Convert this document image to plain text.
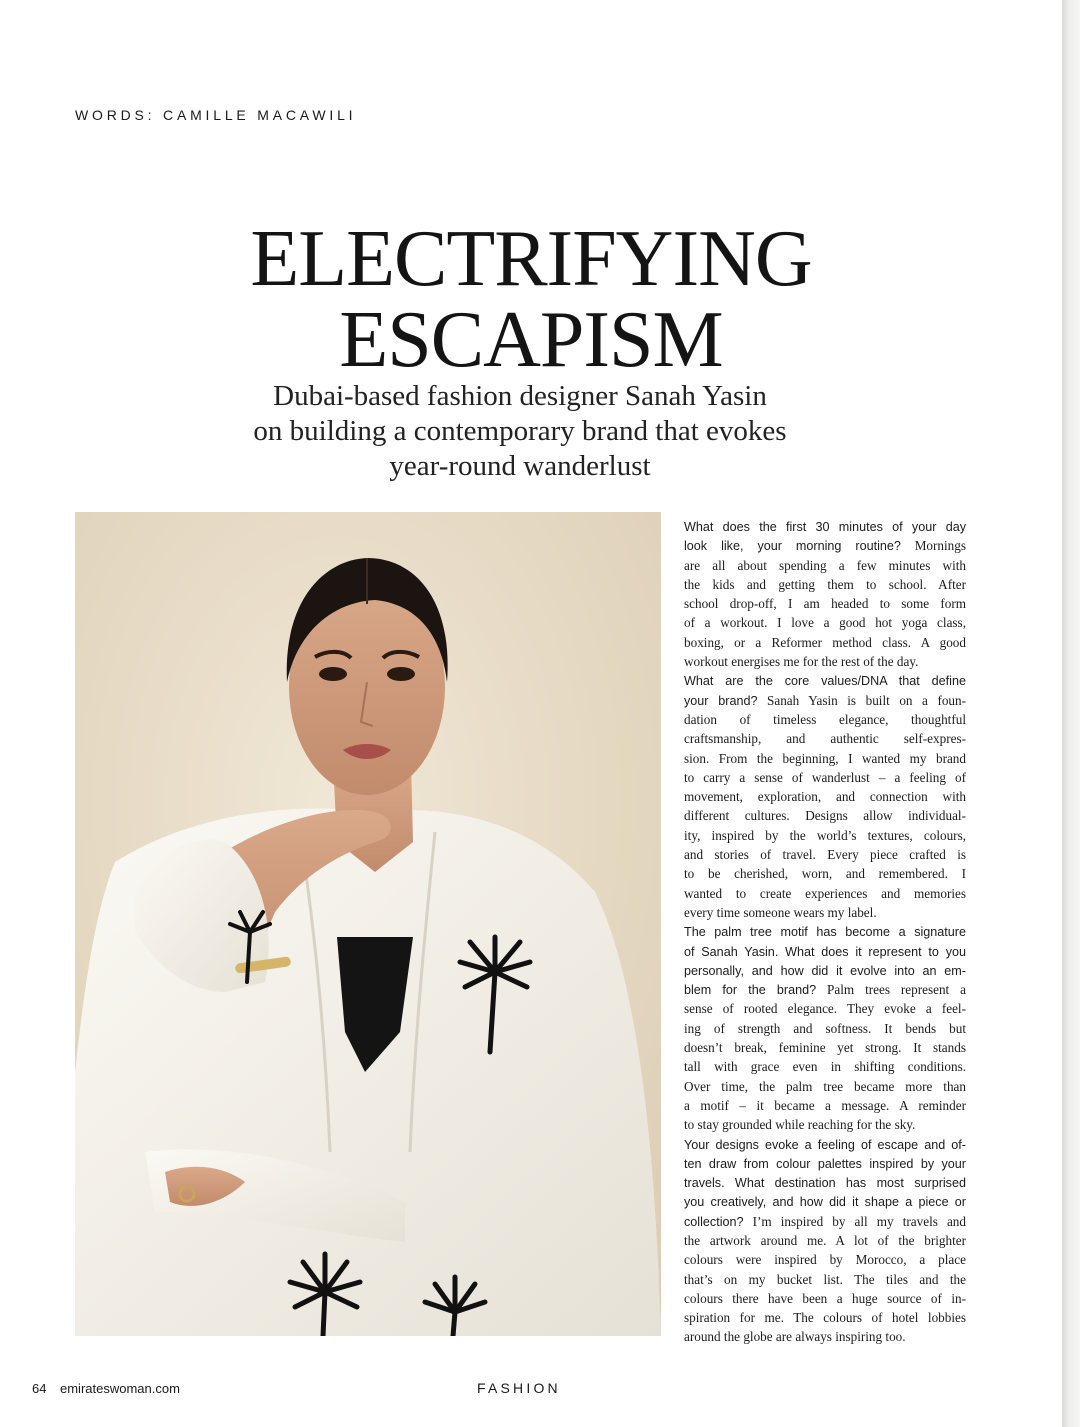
WORDS: CAMILLE MACAWILI
ELECTRIFYING
ESCAPISM
Dubai-based fashion designer Sanah Yasin
on building a contemporary brand that evokes
year-round wanderlust
What does the first 30 minutes of your day
look like, your morning routine? Mornings
are all about spending a few minutes with
the kids and getting them to school. After
school drop-off, I am headed to some form
of a workout. I love a good hot yoga class,
boxing, or a Reformer method class. A good
workout energises me for the rest of the day.
What are the core values/DNA that define
your brand? Sanah Yasin is built on a foun-
dation of timeless elegance, thoughtful
craftsmanship, and authentic self-expres-
sion. From the beginning, I wanted my brand
to carry a sense of wanderlust – a feeling of
movement, exploration, and connection with
different cultures. Designs allow individual-
ity, inspired by the world’s textures, colours,
and stories of travel. Every piece crafted is
to be cherished, worn, and remembered. I
wanted to create experiences and memories
every time someone wears my label.
The palm tree motif has become a signature
of Sanah Yasin. What does it represent to you
personally, and how did it evolve into an em-
blem for the brand? Palm trees represent a
sense of rooted elegance. They evoke a feel-
ing of strength and softness. It bends but
doesn’t break, feminine yet strong. It stands
tall with grace even in shifting conditions.
Over time, the palm tree became more than
a motif – it became a message. A reminder
to stay grounded while reaching for the sky.
Your designs evoke a feeling of escape and of-
ten draw from colour palettes inspired by your
travels. What destination has most surprised
you creatively, and how did it shape a piece or
collection? I’m inspired by all my travels and
the artwork around me. A lot of the brighter
colours were inspired by Morocco, a place
that’s on my bucket list. The tiles and the
colours there have been a huge source of in-
spiration for me. The colours of hotel lobbies
around the globe are always inspiring too.
64 emirateswoman.com	FASHION
